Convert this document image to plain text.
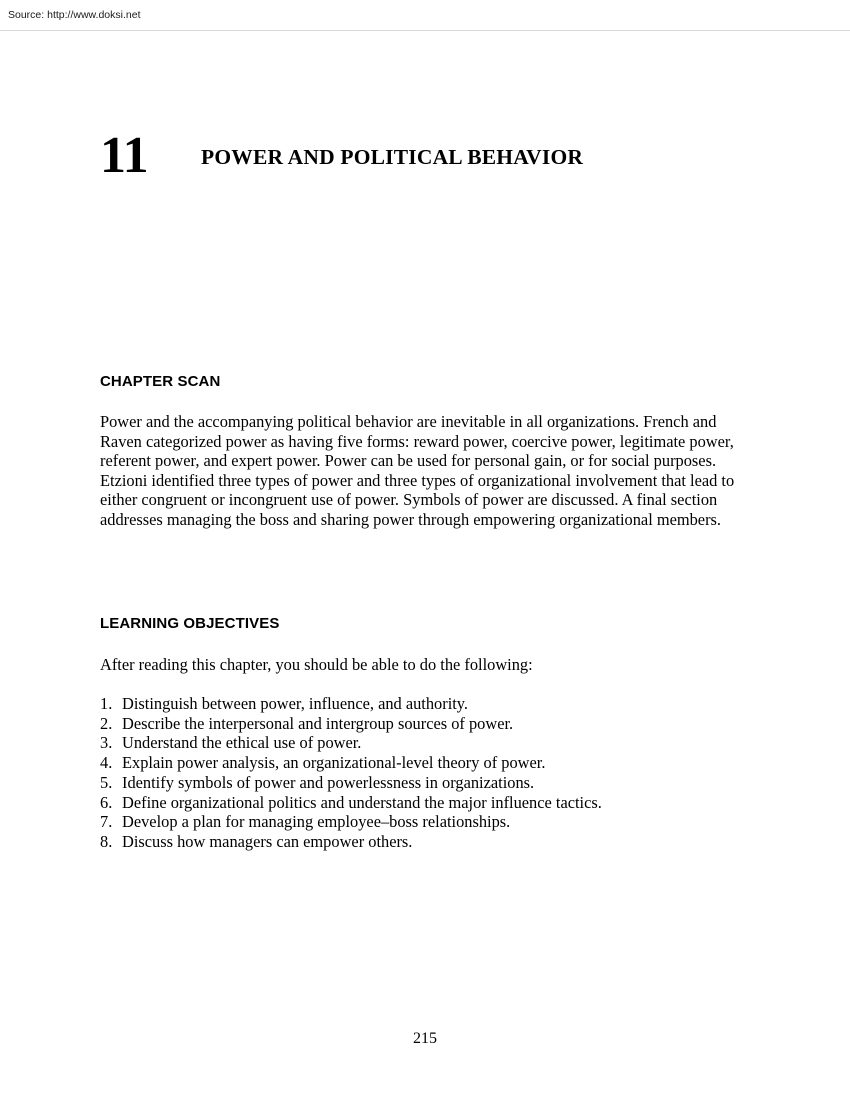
Source: http://www.doksi.net
11 POWER AND POLITICAL BEHAVIOR
CHAPTER SCAN
Power and the accompanying political behavior are inevitable in all organizations. French and Raven categorized power as having five forms: reward power, coercive power, legitimate power, referent power, and expert power. Power can be used for personal gain, or for social purposes. Etzioni identified three types of power and three types of organizational involvement that lead to either congruent or incongruent use of power. Symbols of power are discussed. A final section addresses managing the boss and sharing power through empowering organizational members.
LEARNING OBJECTIVES
After reading this chapter, you should be able to do the following:
1. Distinguish between power, influence, and authority.
2. Describe the interpersonal and intergroup sources of power.
3. Understand the ethical use of power.
4. Explain power analysis, an organizational-level theory of power.
5. Identify symbols of power and powerlessness in organizations.
6. Define organizational politics and understand the major influence tactics.
7. Develop a plan for managing employee–boss relationships.
8. Discuss how managers can empower others.
215
